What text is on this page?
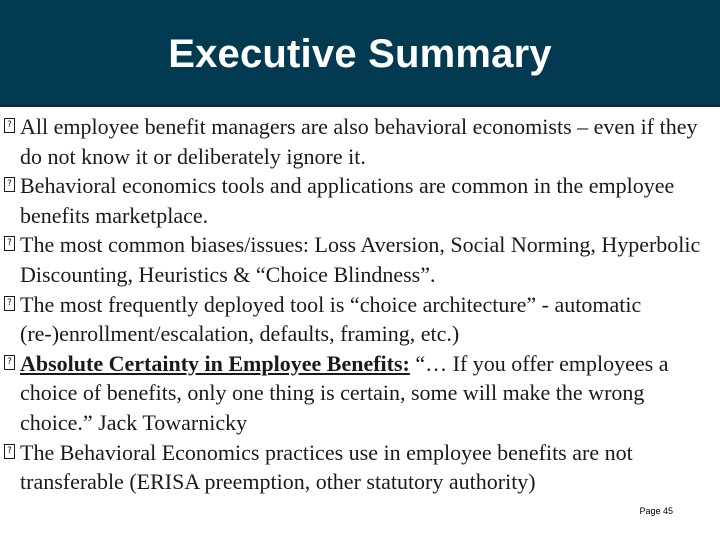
Executive Summary
? All employee benefit managers are also behavioral economists – even if they do not know it or deliberately ignore it.
? Behavioral economics tools and applications are common in the employee benefits marketplace.
? The most common biases/issues: Loss Aversion, Social Norming, Hyperbolic Discounting, Heuristics & “Choice Blindness”.
? The most frequently deployed tool is “choice architecture” - automatic (re-)enrollment/escalation, defaults, framing, etc.)
? Absolute Certainty in Employee Benefits: “… If you offer employees a choice of benefits, only one thing is certain, some will make the wrong choice.” Jack Towarnicky
? The Behavioral Economics practices use in employee benefits are not transferable (ERISA preemption, other statutory authority)
Page 45
